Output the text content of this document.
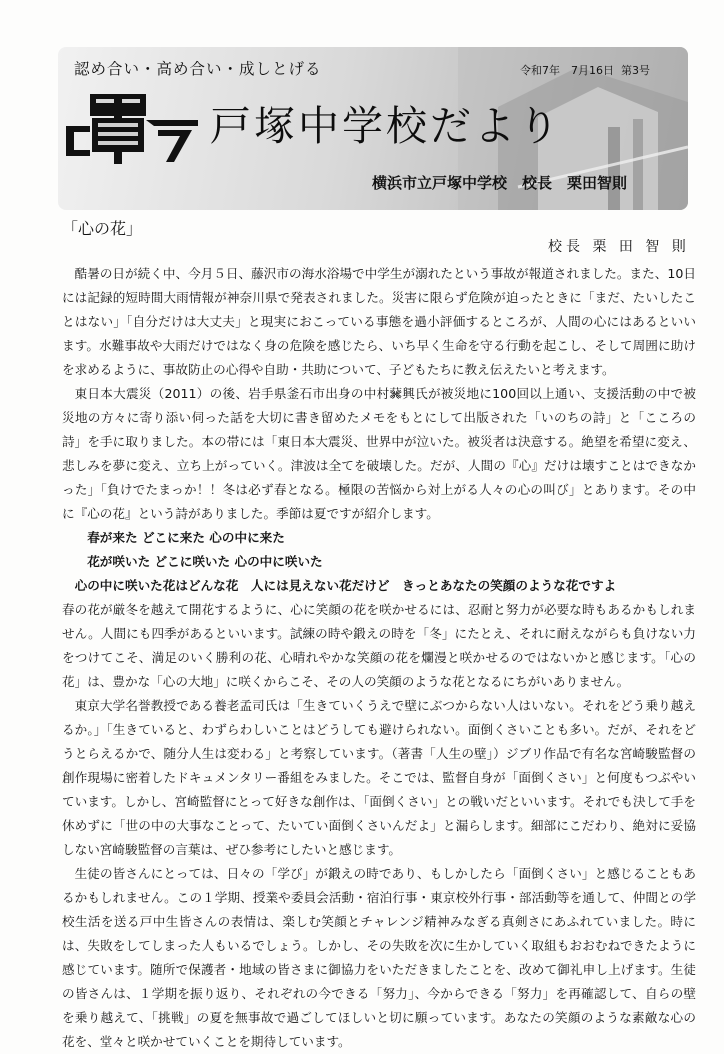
認め合い・高め合い・成しとげる	令和7年　7月16日 第3号
戸塚中学校だより
横浜市立戸塚中学校　校長　栗田智則
「心の花」
校長 栗 田 智 則

酷暑の日が続く中、今月５日、藤沢市の海水浴場で中学生が溺れたという事故が報道されました。また、10日には記録的短時間大雨情報が神奈川県で発表されました。災害に限らず危険が迫ったときに「まだ、たいしたことはない」「自分だけは大丈夫」と現実におこっている事態を過小評価するところが、人間の心にはあるといいます。水難事故や大雨だけではなく身の危険を感じたら、いち早く生命を守る行動を起こし、そして周囲に助けを求めるように、事故防止の心得や自助・共助について、子どもたちに教え伝えたいと考えます。

東日本大震災（2011）の後、岩手県釜石市出身の中村𦮙興氏が被災地に100回以上通い、支援活動の中で被災地の方々に寄り添い伺った話を大切に書き留めたメモをもとにして出版された「いのちの詩」と「こころの詩」を手に取りました。本の帯には「東日本大震災、世界中が泣いた。被災者は決意する。絶望を希望に変え、悲しみを夢に変え、立ち上がっていく。津波は全てを破壊した。だが、人間の『心』だけは壊すことはできなかった」「負けでたまっか！！冬は必ず春となる。極限の苦悩から対上がる人々の心の叫び」とあります。その中に『心の花』という詩がありました。季節は夏ですが紹介します。

春が来た どこに来た 心の中に来た

花が咲いた どこに咲いた 心の中に咲いた

心の中に咲いた花はどんな花　人には見えない花だけど　きっとあなたの笑顔のような花ですよ

春の花が厳冬を越えて開花するように、心に笑顔の花を咲かせるには、忍耐と努力が必要な時もあるかもしれません。人間にも四季があるといいます。試練の時や鍛えの時を「冬」にたとえ、それに耐えながらも負けない力をつけてこそ、満足のいく勝利の花、心晴れやかな笑顔の花を爛漫と咲かせるのではないかと感じます。「心の花」は、豊かな「心の大地」に咲くからこそ、その人の笑顔のような花となるにちがいありません。

東京大学名誉教授である養老孟司氏は「生きていくうえで壁にぶつからない人はいない。それをどう乗り越えるか。」「生きていると、わずらわしいことはどうしても避けられない。面倒くさいことも多い。だが、それをどうとらえるかで、随分人生は変わる」と考察しています。（著書「人生の壁」）ジブリ作品で有名な宮崎駿監督の創作現場に密着したドキュメンタリー番組をみました。そこでは、監督自身が「面倒くさい」と何度もつぶやいています。しかし、宮崎監督にとって好きな創作は、「面倒くさい」との戦いだといいます。それでも決して手を休めずに「世の中の大事なことって、たいてい面倒くさいんだよ」と漏らします。細部にこだわり、絶対に妥協しない宮崎駿監督の言葉は、ぜひ参考にしたいと感じます。

生徒の皆さんにとっては、日々の「学び」が鍛えの時であり、もしかしたら「面倒くさい」と感じることもあるかもしれません。この１学期、授業や委員会活動・宿泊行事・東京校外行事・部活動等を通して、仲間との学校生活を送る戸中生皆さんの表情は、楽しむ笑顔とチャレンジ精神みなぎる真剣さにあふれていました。時には、失敗をしてしまった人もいるでしょう。しかし、その失敗を次に生かしていく取組もおおむねできたように感じています。随所で保護者・地域の皆さまに御協力をいただきましたことを、改めて御礼申し上げます。生徒の皆さんは、１学期を振り返り、それぞれの今できる「努力」、今からできる「努力」を再確認して、自らの壁を乗り越えて、「挑戦」の夏を無事故で過ごしてほしいと切に願っています。あなたの笑顔のような素敵な心の花を、堂々と咲かせていくことを期待しています。
